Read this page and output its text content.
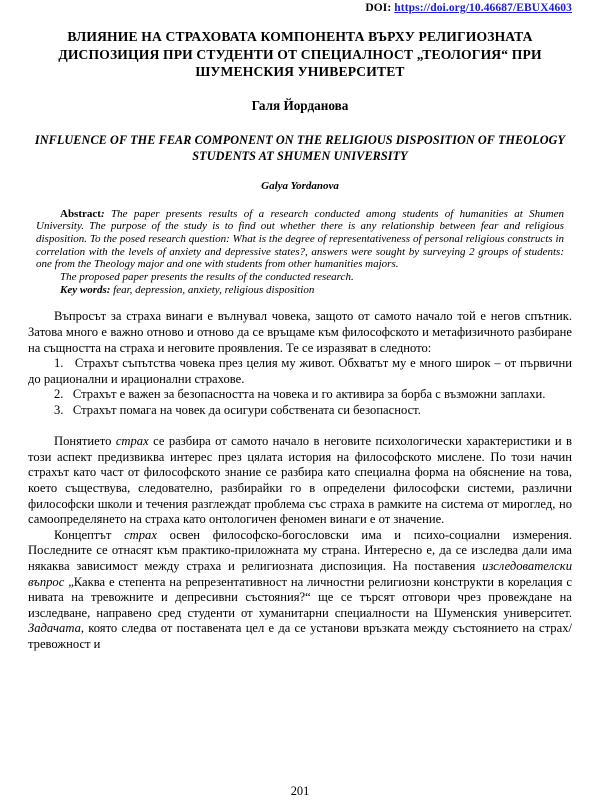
DOI: https://doi.org/10.46687/EBUX4603
ВЛИЯНИЕ НА СТРАХОВАТА КОМПОНЕНТА ВЪРХУ РЕЛИГИОЗНАТА ДИСПОЗИЦИЯ ПРИ СТУДЕНТИ ОТ СПЕЦИАЛНОСТ „ТЕОЛОГИЯ“ ПРИ ШУМЕНСКИЯ УНИВЕРСИТЕТ
Галя Йорданова
INFLUENCE OF THE FEAR COMPONENT ON THE RELIGIOUS DISPOSITION OF THEOLOGY STUDENTS AT SHUMEN UNIVERSITY
Galya Yordanova

Abstract: The paper presents results of a research conducted among students of humanities at Shumen University. The purpose of the study is to find out whether there is any relationship between fear and religious disposition. To the posed research question: What is the degree of representativeness of personal religious constructs in correlation with the levels of anxiety and depressive states?, answers were sought by surveying 2 groups of students: one from the Theology major and one with students from other humanities majors.

The proposed paper presents the results of the conducted research.

Key words: fear, depression, anxiety, religious disposition

Въпросът за страха винаги е вълнувал човека, защото от самото начало той е негов спътник. Затова много е важно отново и отново да се връщаме към философското и метафизичното разбиране на същността на страха и неговите проявления. Те се изразяват в следното:

1. Страхът съпътства човека през целия му живот. Обхватът му е много широк – от първични до рационални и ирационални страхове.

2. Страхът е важен за безопасността на човека и го активира за борба с възможни заплахи.

3. Страхът помага на човек да осигури собствената си безопасност.

Понятието страх се разбира от самото начало в неговите психологически характеристики и в този аспект предизвиква интерес през цялата история на философското мислене. По този начин страхът като част от философското знание се разбира като специална форма на обяснение на това, което съществува, следователно, разбирайки го в определени философски системи, различни философски школи и течения разглеждат проблема със страха в рамките на система от мироглед, но самоопределянето на страха като онтологичен феномен винаги е от значение.

Концептът страх освен философско-богословски има и психо-социални измерения. Последните се отнасят към практико-приложната му страна. Интересно е, да се изследва дали има някаква зависимост между страха и религиозната диспозиция. На поставения изследователски въпрос „Каква е степента на репрезентативност на личностни религиозни конструкти в корелация с нивата на тревожните и депресивни състояния?“ ще се търсят отговори чрез провеждане на изследване, направено сред студенти от хуманитарни специалности на Шуменския университет. Задачата, която следва от поставената цел е да се установи връзката между състоянието на страх/тревожност и

201
